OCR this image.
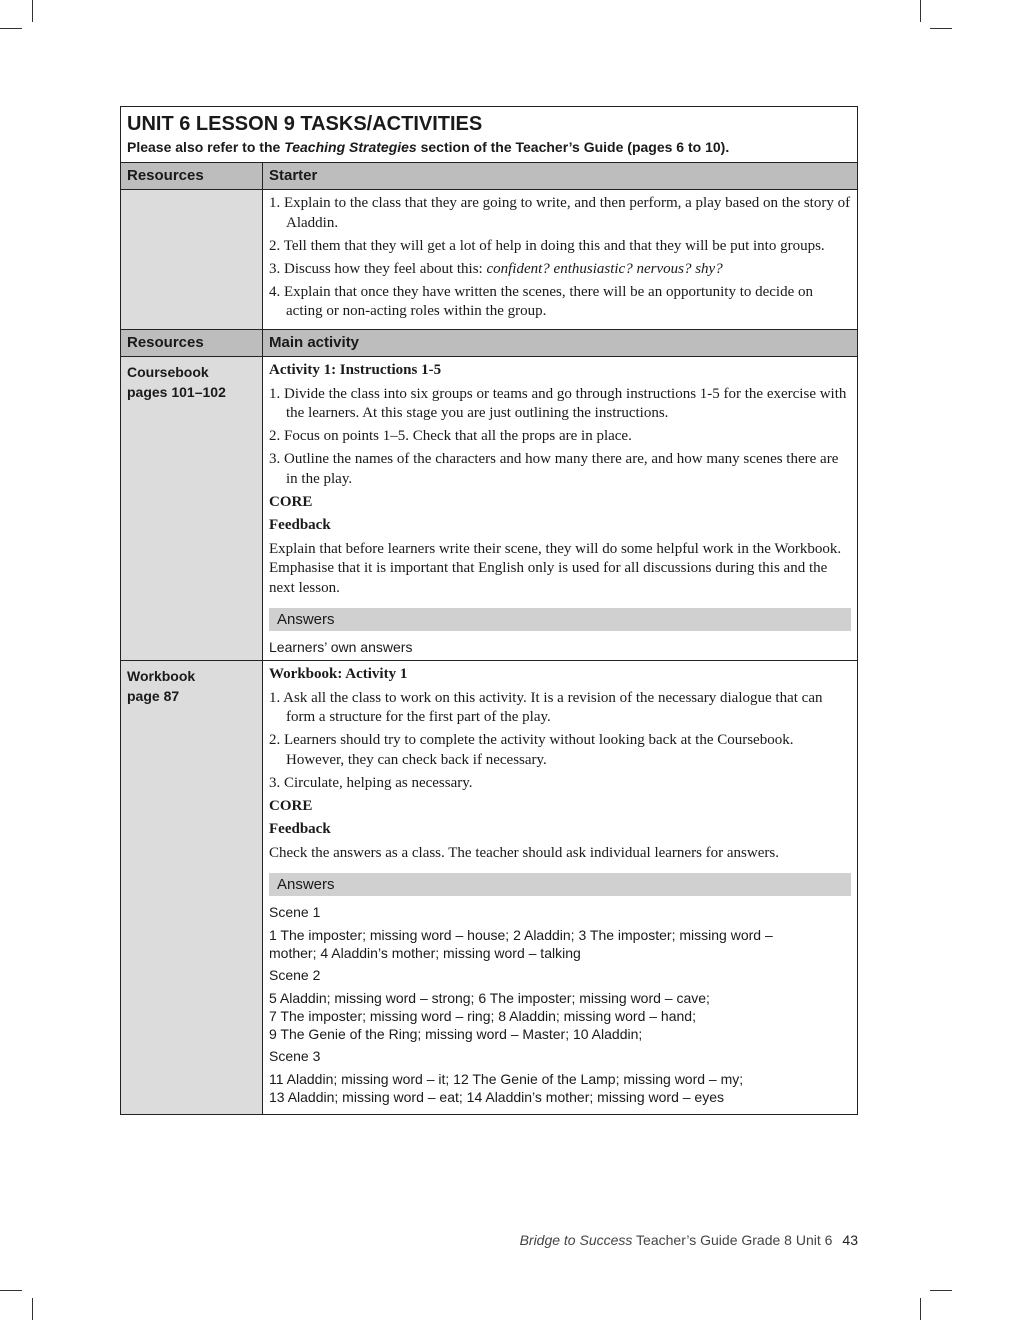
UNIT 6 LESSON 9 TASKS/ACTIVITIES
Please also refer to the Teaching Strategies section of the Teacher’s Guide (pages 6 to 10).
Resources	Starter

1. Explain to the class that they are going to write, and then perform, a play based on the story of Aladdin.

2. Tell them that they will get a lot of help in doing this and that they will be put into groups.

3. Discuss how they feel about this: confident? enthusiastic? nervous? shy?

4. Explain that once they have written the scenes, there will be an opportunity to decide on acting or non-acting roles within the group.

Resources	Main activity
Coursebook
pages 101–102

Activity 1: Instructions 1-5

1. Divide the class into six groups or teams and go through instructions 1-5 for the exercise with the learners. At this stage you are just outlining the instructions.

2. Focus on points 1–5. Check that all the props are in place.

3. Outline the names of the characters and how many there are, and how many scenes there are in the play.

CORE

Feedback

Explain that before learners write their scene, they will do some helpful work in the Workbook. Emphasise that it is important that English only is used for all discussions during this and the next lesson.

Answers
Learners’ own answers
Workbook
page 87

Workbook: Activity 1

1. Ask all the class to work on this activity. It is a revision of the necessary dialogue that can form a structure for the first part of the play.

2. Learners should try to complete the activity without looking back at the Coursebook. However, they can check back if necessary.

3. Circulate, helping as necessary.

CORE

Feedback

Check the answers as a class. The teacher should ask individual learners for answers.

Answers
Scene 1
1 The imposter; missing word – house; 2 Aladdin; 3 The imposter; missing word –
mother; 4 Aladdin’s mother; missing word – talking
Scene 2
5 Aladdin; missing word – strong; 6 The imposter; missing word – cave;
7 The imposter; missing word – ring; 8 Aladdin; missing word – hand;
9 The Genie of the Ring; missing word – Master; 10 Aladdin;
Scene 3
11 Aladdin; missing word – it; 12 The Genie of the Lamp; missing word – my;
13 Aladdin; missing word – eat; 14 Aladdin’s mother; missing word – eyes
Bridge to Success Teacher’s Guide Grade 8 Unit 6 43
